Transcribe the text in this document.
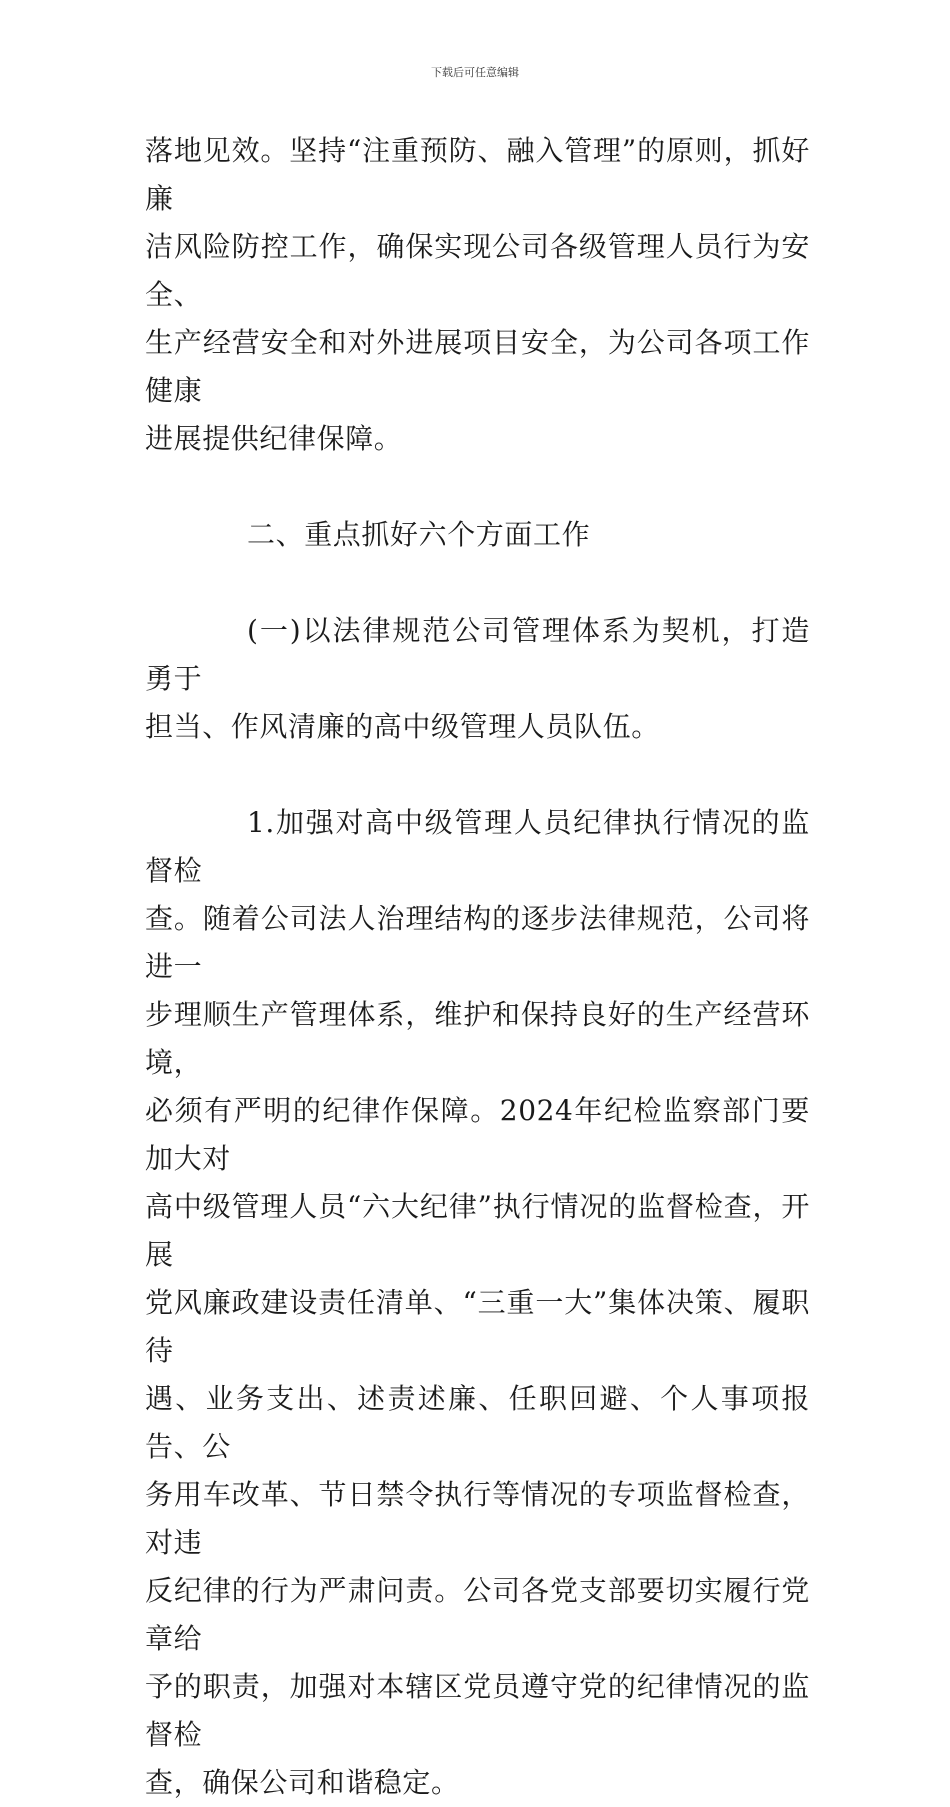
下载后可任意编辑
落地见效。坚持“注重预防、融入管理”的原则，抓好廉
洁风险防控工作，确保实现公司各级管理人员行为安全、
生产经营安全和对外进展项目安全，为公司各项工作健康
进展提供纪律保障。
二、重点抓好六个方面工作
(一)以法律规范公司管理体系为契机，打造勇于
担当、作风清廉的高中级管理人员队伍。
1.加强对高中级管理人员纪律执行情况的监督检
查。随着公司法人治理结构的逐步法律规范，公司将进一
步理顺生产管理体系，维护和保持良好的生产经营环境，
必须有严明的纪律作保障。2024年纪检监察部门要加大对
高中级管理人员“六大纪律”执行情况的监督检查，开展
党风廉政建设责任清单、“三重一大”集体决策、履职待
遇、业务支出、述责述廉、任职回避、个人事项报告、公
务用车改革、节日禁令执行等情况的专项监督检查，对违
反纪律的行为严肃问责。公司各党支部要切实履行党章给
予的职责，加强对本辖区党员遵守党的纪律情况的监督检
查，确保公司和谐稳定。
